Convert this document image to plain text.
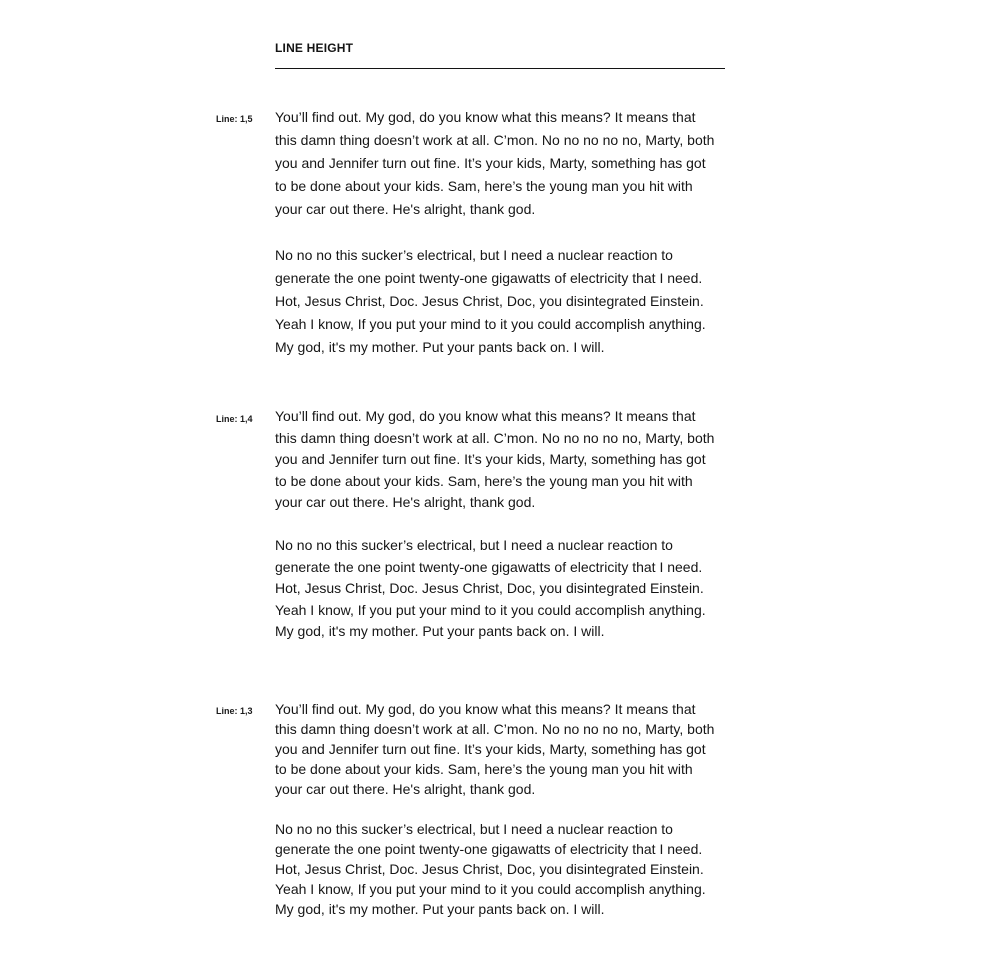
LINE HEIGHT
Line: 1,5 You’ll find out. My god, do you know what this means? It means that this damn thing doesn’t work at all. C’mon. No no no no no, Marty, both you and Jennifer turn out fine. It’s your kids, Marty, something has got to be done about your kids. Sam, here’s the young man you hit with your car out there. He's alright, thank god.

No no no this sucker’s electrical, but I need a nuclear reaction to generate the one point twenty-one gigawatts of electricity that I need. Hot, Jesus Christ, Doc. Jesus Christ, Doc, you disintegrated Einstein. Yeah I know, If you put your mind to it you could accomplish anything. My god, it's my mother. Put your pants back on. I will.

Line: 1,4 You’ll find out. My god, do you know what this means? It means that this damn thing doesn’t work at all. C’mon. No no no no no, Marty, both you and Jennifer turn out fine. It’s your kids, Marty, something has got to be done about your kids. Sam, here’s the young man you hit with your car out there. He's alright, thank god.

No no no this sucker’s electrical, but I need a nuclear reaction to generate the one point twenty-one gigawatts of electricity that I need. Hot, Jesus Christ, Doc. Jesus Christ, Doc, you disintegrated Einstein. Yeah I know, If you put your mind to it you could accomplish anything. My god, it's my mother. Put your pants back on. I will.

Line: 1,3 You’ll find out. My god, do you know what this means? It means that this damn thing doesn’t work at all. C’mon. No no no no no, Marty, both you and Jennifer turn out fine. It’s your kids, Marty, something has got to be done about your kids. Sam, here’s the young man you hit with your car out there. He's alright, thank god.

No no no this sucker’s electrical, but I need a nuclear reaction to generate the one point twenty-one gigawatts of electricity that I need. Hot, Jesus Christ, Doc. Jesus Christ, Doc, you disintegrated Einstein. Yeah I know, If you put your mind to it you could accomplish anything. My god, it's my mother. Put your pants back on. I will.
